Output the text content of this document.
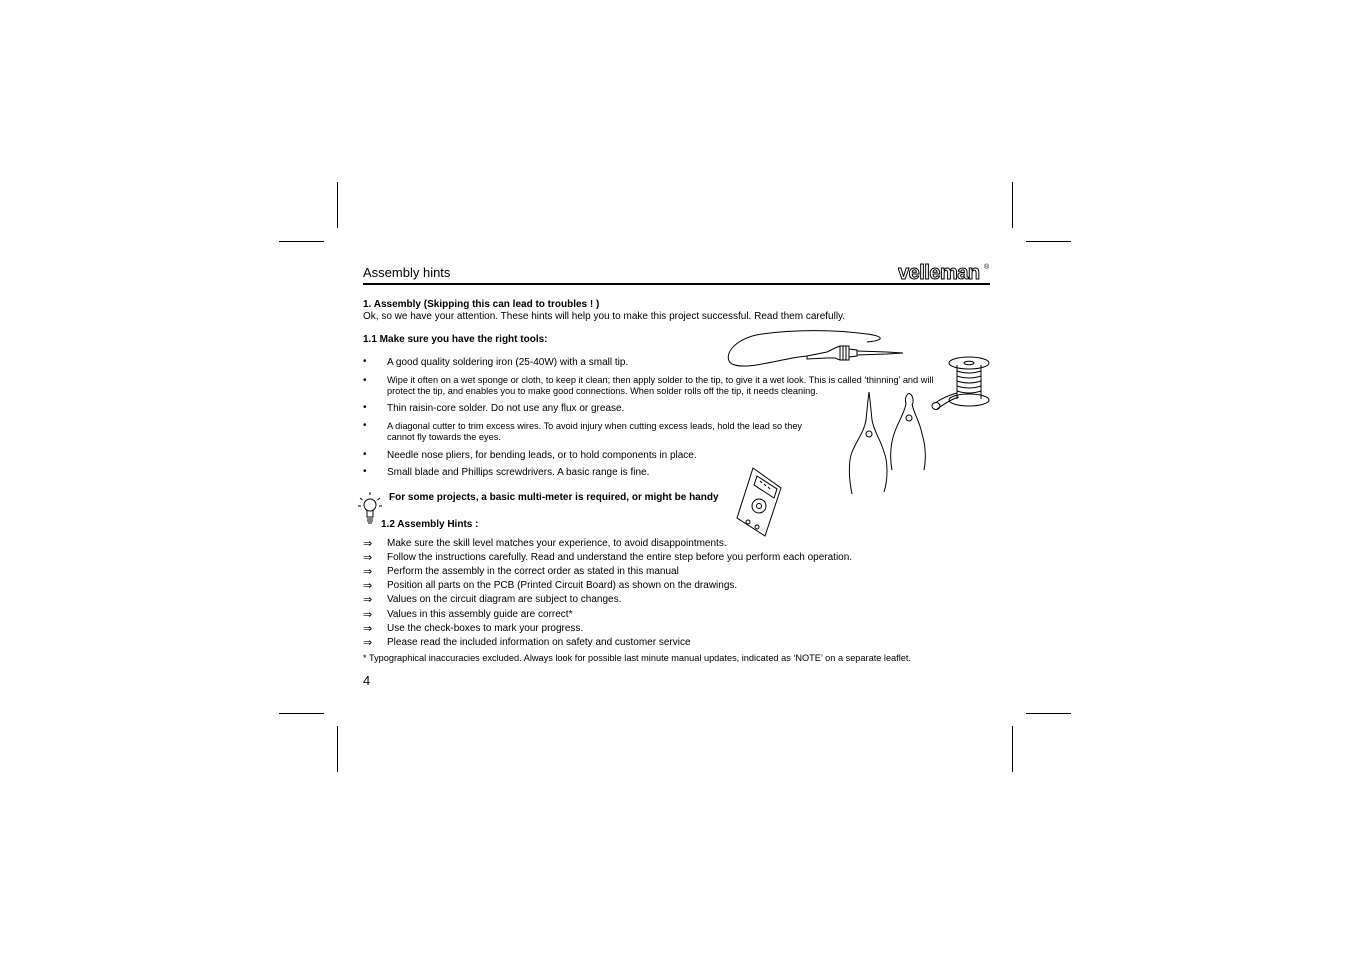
Assembly hints	velleman ®
1. Assembly (Skipping this can lead to troubles ! )
Ok, so we have your attention. These hints will help you to make this project successful. Read them carefully.
1.1 Make sure you have the right tools:
• A good quality soldering iron (25-40W) with a small tip.
• Wipe it often on a wet sponge or cloth, to keep it clean; then apply solder to the tip, to give it a wet look. This is called ‘thinning’ and will
protect the tip, and enables you to make good connections. When solder rolls off the tip, it needs cleaning.
• Thin raisin-core solder. Do not use any flux or grease.
• A diagonal cutter to trim excess wires. To avoid injury when cutting excess leads, hold the lead so they
cannot fly towards the eyes.
• Needle nose pliers, for bending leads, or to hold components in place.
• Small blade and Phillips screwdrivers. A basic range is fine.
For some projects, a basic multi-meter is required, or might be handy
1.2 Assembly Hints :
⇒ Make sure the skill level matches your experience, to avoid disappointments.
⇒ Follow the instructions carefully. Read and understand the entire step before you perform each operation.
⇒ Perform the assembly in the correct order as stated in this manual
⇒ Position all parts on the PCB (Printed Circuit Board) as shown on the drawings.
⇒ Values on the circuit diagram are subject to changes.
⇒ Values in this assembly guide are correct*
⇒ Use the check-boxes to mark your progress.
⇒ Please read the included information on safety and customer service
* Typographical inaccuracies excluded. Always look for possible last minute manual updates, indicated as ‘NOTE’ on a separate leaflet.
4
